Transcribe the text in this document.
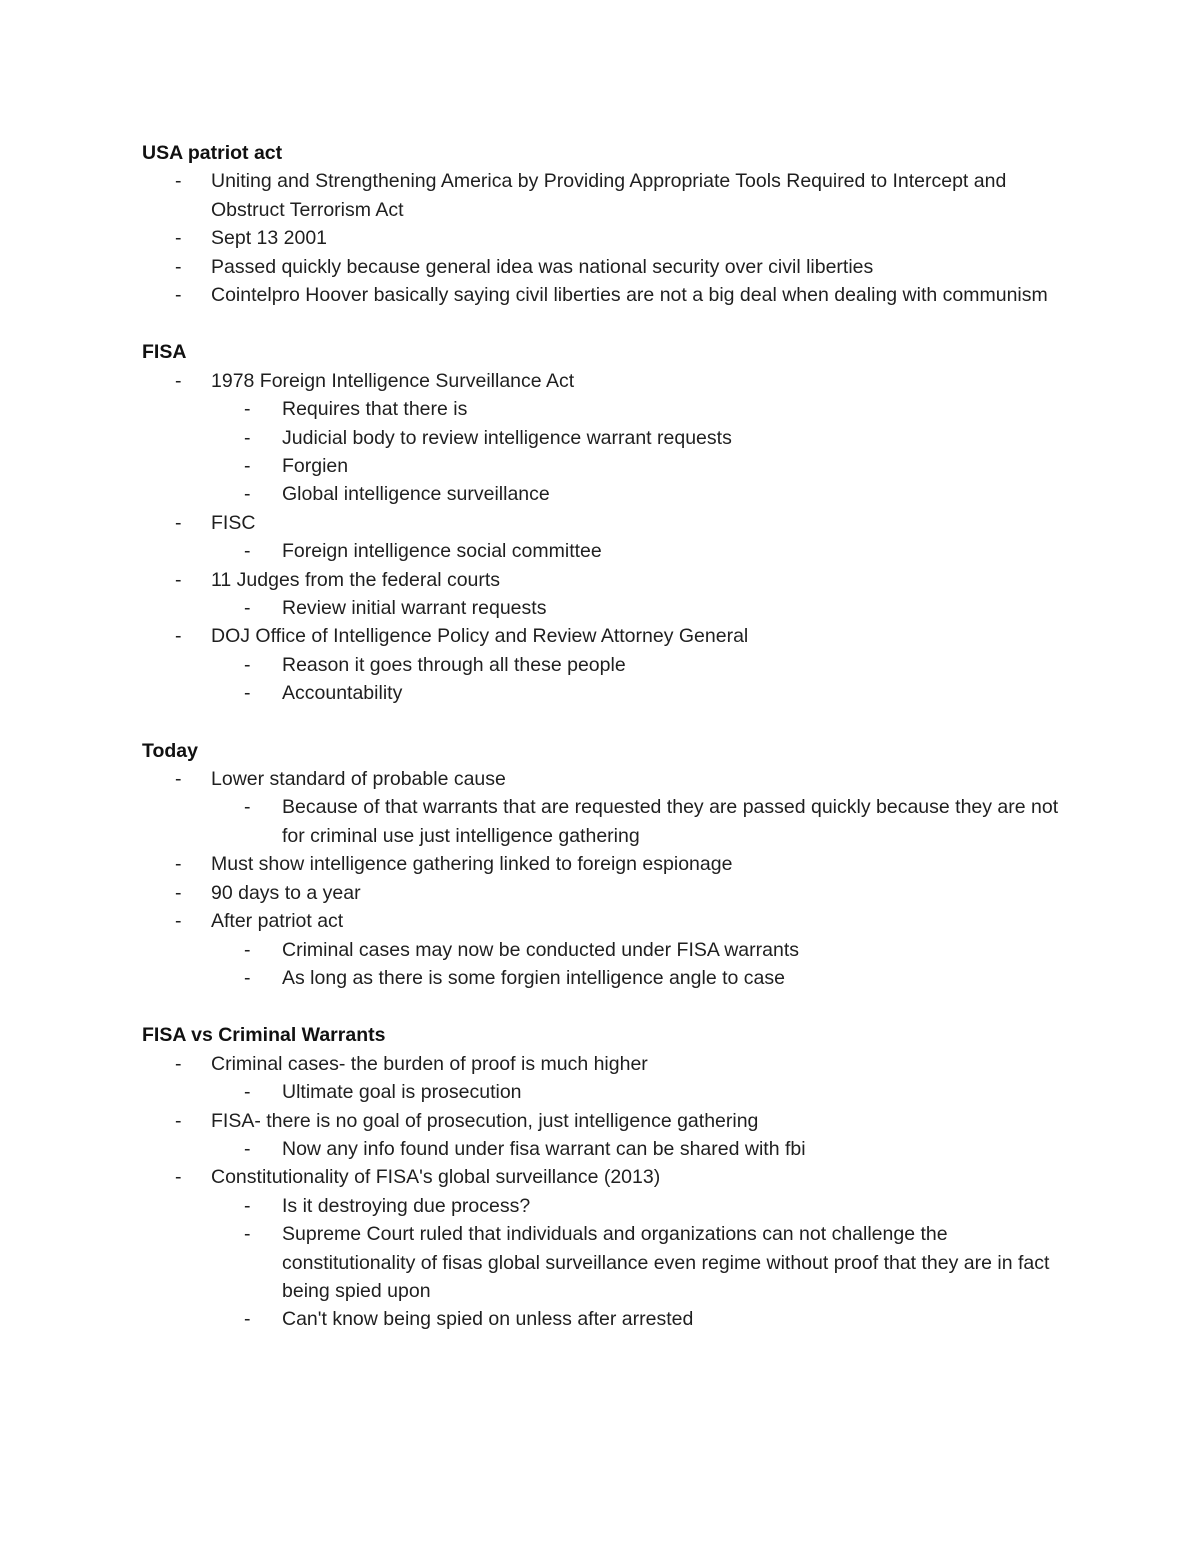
USA patriot act
- Uniting and Strengthening America by Providing Appropriate Tools Required to Intercept and Obstruct Terrorism Act
- Sept 13 2001
- Passed quickly because general idea was national security over civil liberties
- Cointelpro Hoover basically saying civil liberties are not a big deal when dealing with communism
FISA
- 1978 Foreign Intelligence Surveillance Act
- Requires that there is
- Judicial body to review intelligence warrant requests
- Forgien
- Global intelligence surveillance
- FISC
- Foreign intelligence social committee
- 11 Judges from the federal courts
- Review initial warrant requests
- DOJ Office of Intelligence Policy and Review Attorney General
- Reason it goes through all these people
- Accountability
Today
- Lower standard of probable cause
- Because of that warrants that are requested they are passed quickly because they are not for criminal use just intelligence gathering
- Must show intelligence gathering linked to foreign espionage
- 90 days to a year
- After patriot act
- Criminal cases may now be conducted under FISA warrants
- As long as there is some forgien intelligence angle to case
FISA vs Criminal Warrants
- Criminal cases- the burden of proof is much higher
- Ultimate goal is prosecution
- FISA- there is no goal of prosecution, just intelligence gathering
- Now any info found under fisa warrant can be shared with fbi
- Constitutionality of FISA's global surveillance (2013)
- Is it destroying due process?
- Supreme Court ruled that individuals and organizations can not challenge the constitutionality of fisas global surveillance even regime without proof that they are in fact being spied upon
- Can't know being spied on unless after arrested
